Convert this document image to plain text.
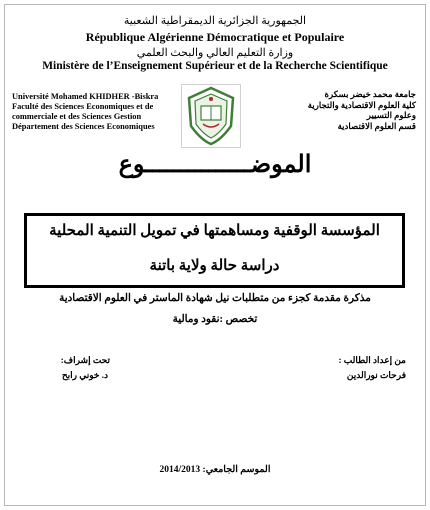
الجمهورية الجزائرية الديمقراطية الشعبية
République Algérienne Démocratique et Populaire
وزارة التعليم العالي والبحث العلمي
Ministère de l’Enseignement Supérieur et de la Recherche Scientifique
Université Mohamed KHIDHER -Biskra
Faculté des Sciences Economiques et de
commerciale et des Sciences Gestion
Département des Sciences Economiques
جامعة محمد خيضر بسكرة
كلية العلوم الاقتصادية والتجارية
وعلوم التسيير
قسم العلوم الاقتصادية
الموضـــــــــــــــوع
المؤسسة الوقفية ومساهمتها في تمويل التنمية المحلية
دراسة حالة ولاية باتنة
مذكرة مقدمة كجزء من متطلبات نيل شهادة الماستر في العلوم الاقتصادية
تخصص :نقود ومالية
من إعداد الطالب :
فرحات نورالدين
تحت إشراف:
د. خوني رابح
الموسم الجامعي: 2014/2013
